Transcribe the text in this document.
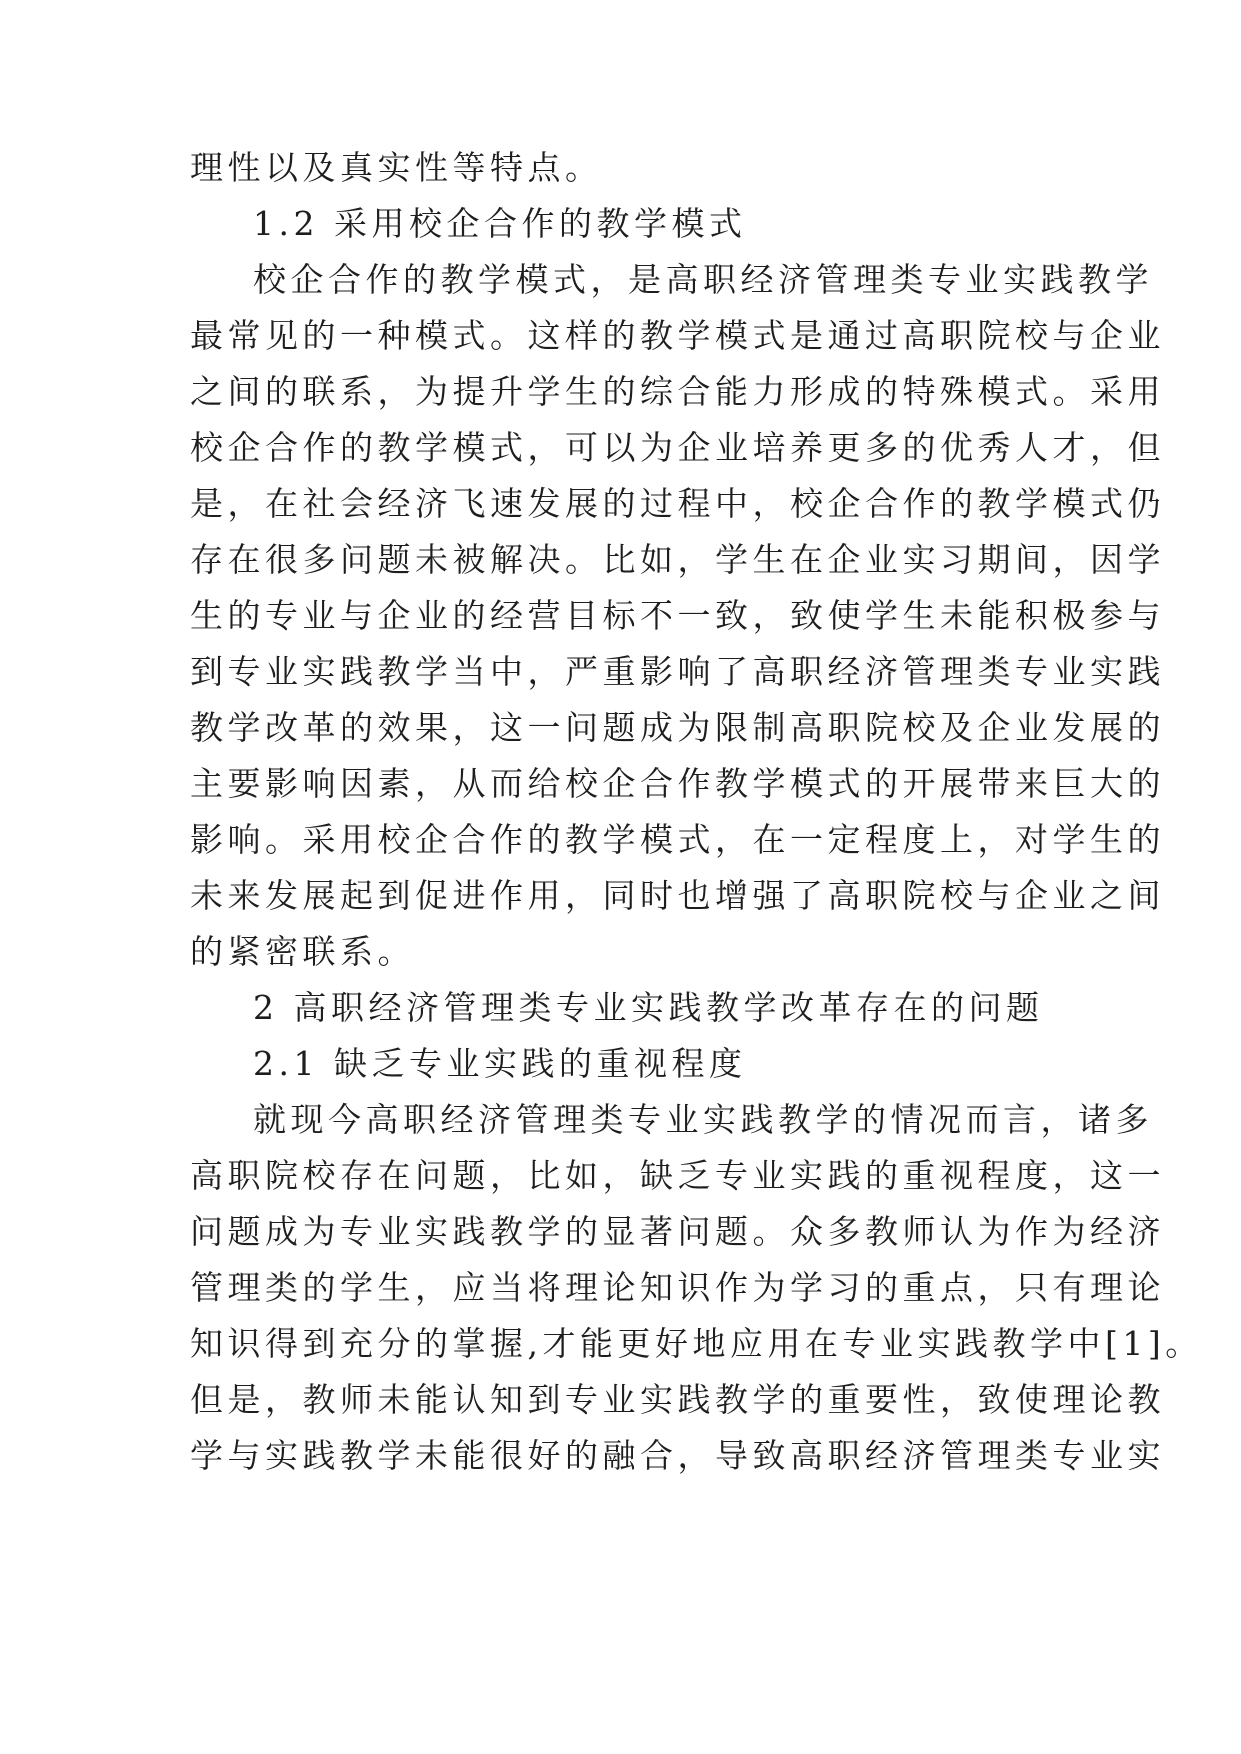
理性以及真实性等特点。
1.2 采用校企合作的教学模式
校企合作的教学模式，是高职经济管理类专业实践教学
最常见的一种模式。这样的教学模式是通过高职院校与企业
之间的联系，为提升学生的综合能力形成的特殊模式。采用
校企合作的教学模式，可以为企业培养更多的优秀人才，但
是，在社会经济飞速发展的过程中，校企合作的教学模式仍
存在很多问题未被解决。比如，学生在企业实习期间，因学
生的专业与企业的经营目标不一致，致使学生未能积极参与
到专业实践教学当中，严重影响了高职经济管理类专业实践
教学改革的效果，这一问题成为限制高职院校及企业发展的
主要影响因素，从而给校企合作教学模式的开展带来巨大的
影响。采用校企合作的教学模式，在一定程度上，对学生的
未来发展起到促进作用，同时也增强了高职院校与企业之间
的紧密联系。
2 高职经济管理类专业实践教学改革存在的问题
2.1 缺乏专业实践的重视程度
就现今高职经济管理类专业实践教学的情况而言，诸多
高职院校存在问题，比如，缺乏专业实践的重视程度，这一
问题成为专业实践教学的显著问题。众多教师认为作为经济
管理类的学生，应当将理论知识作为学习的重点，只有理论
知识得到充分的掌握,才能更好地应用在专业实践教学中[1]。
但是，教师未能认知到专业实践教学的重要性，致使理论教
学与实践教学未能很好的融合，导致高职经济管理类专业实
